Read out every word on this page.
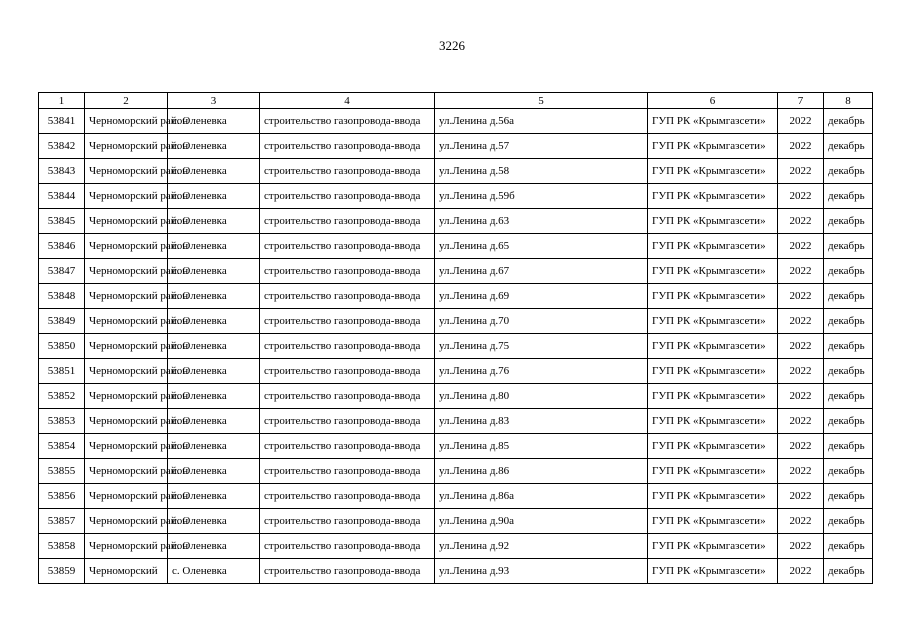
3226
1	2	3	4	5	6	7	8
53841	Черноморский район	с. Оленевка	строительство газопровода-ввода	ул.Ленина д.56а	ГУП РК «Крымгазсети»	2022	декабрь
53842	Черноморский район	с. Оленевка	строительство газопровода-ввода	ул.Ленина д.57	ГУП РК «Крымгазсети»	2022	декабрь
53843	Черноморский район	с. Оленевка	строительство газопровода-ввода	ул.Ленина д.58	ГУП РК «Крымгазсети»	2022	декабрь
53844	Черноморский район	с. Оленевка	строительство газопровода-ввода	ул.Ленина д.59б	ГУП РК «Крымгазсети»	2022	декабрь
53845	Черноморский район	с. Оленевка	строительство газопровода-ввода	ул.Ленина д.63	ГУП РК «Крымгазсети»	2022	декабрь
53846	Черноморский район	с. Оленевка	строительство газопровода-ввода	ул.Ленина д.65	ГУП РК «Крымгазсети»	2022	декабрь
53847	Черноморский район	с. Оленевка	строительство газопровода-ввода	ул.Ленина д.67	ГУП РК «Крымгазсети»	2022	декабрь
53848	Черноморский район	с. Оленевка	строительство газопровода-ввода	ул.Ленина д.69	ГУП РК «Крымгазсети»	2022	декабрь
53849	Черноморский район	с. Оленевка	строительство газопровода-ввода	ул.Ленина д.70	ГУП РК «Крымгазсети»	2022	декабрь
53850	Черноморский район	с. Оленевка	строительство газопровода-ввода	ул.Ленина д.75	ГУП РК «Крымгазсети»	2022	декабрь
53851	Черноморский район	с. Оленевка	строительство газопровода-ввода	ул.Ленина д.76	ГУП РК «Крымгазсети»	2022	декабрь
53852	Черноморский район	с. Оленевка	строительство газопровода-ввода	ул.Ленина д.80	ГУП РК «Крымгазсети»	2022	декабрь
53853	Черноморский район	с. Оленевка	строительство газопровода-ввода	ул.Ленина д.83	ГУП РК «Крымгазсети»	2022	декабрь
53854	Черноморский район	с. Оленевка	строительство газопровода-ввода	ул.Ленина д.85	ГУП РК «Крымгазсети»	2022	декабрь
53855	Черноморский район	с. Оленевка	строительство газопровода-ввода	ул.Ленина д.86	ГУП РК «Крымгазсети»	2022	декабрь
53856	Черноморский район	с. Оленевка	строительство газопровода-ввода	ул.Ленина д.86а	ГУП РК «Крымгазсети»	2022	декабрь
53857	Черноморский район	с. Оленевка	строительство газопровода-ввода	ул.Ленина д.90а	ГУП РК «Крымгазсети»	2022	декабрь
53858	Черноморский район	с. Оленевка	строительство газопровода-ввода	ул.Ленина д.92	ГУП РК «Крымгазсети»	2022	декабрь
53859	Черноморский	с. Оленевка	строительство газопровода-ввода	ул.Ленина д.93	ГУП РК «Крымгазсети»	2022	декабрь
